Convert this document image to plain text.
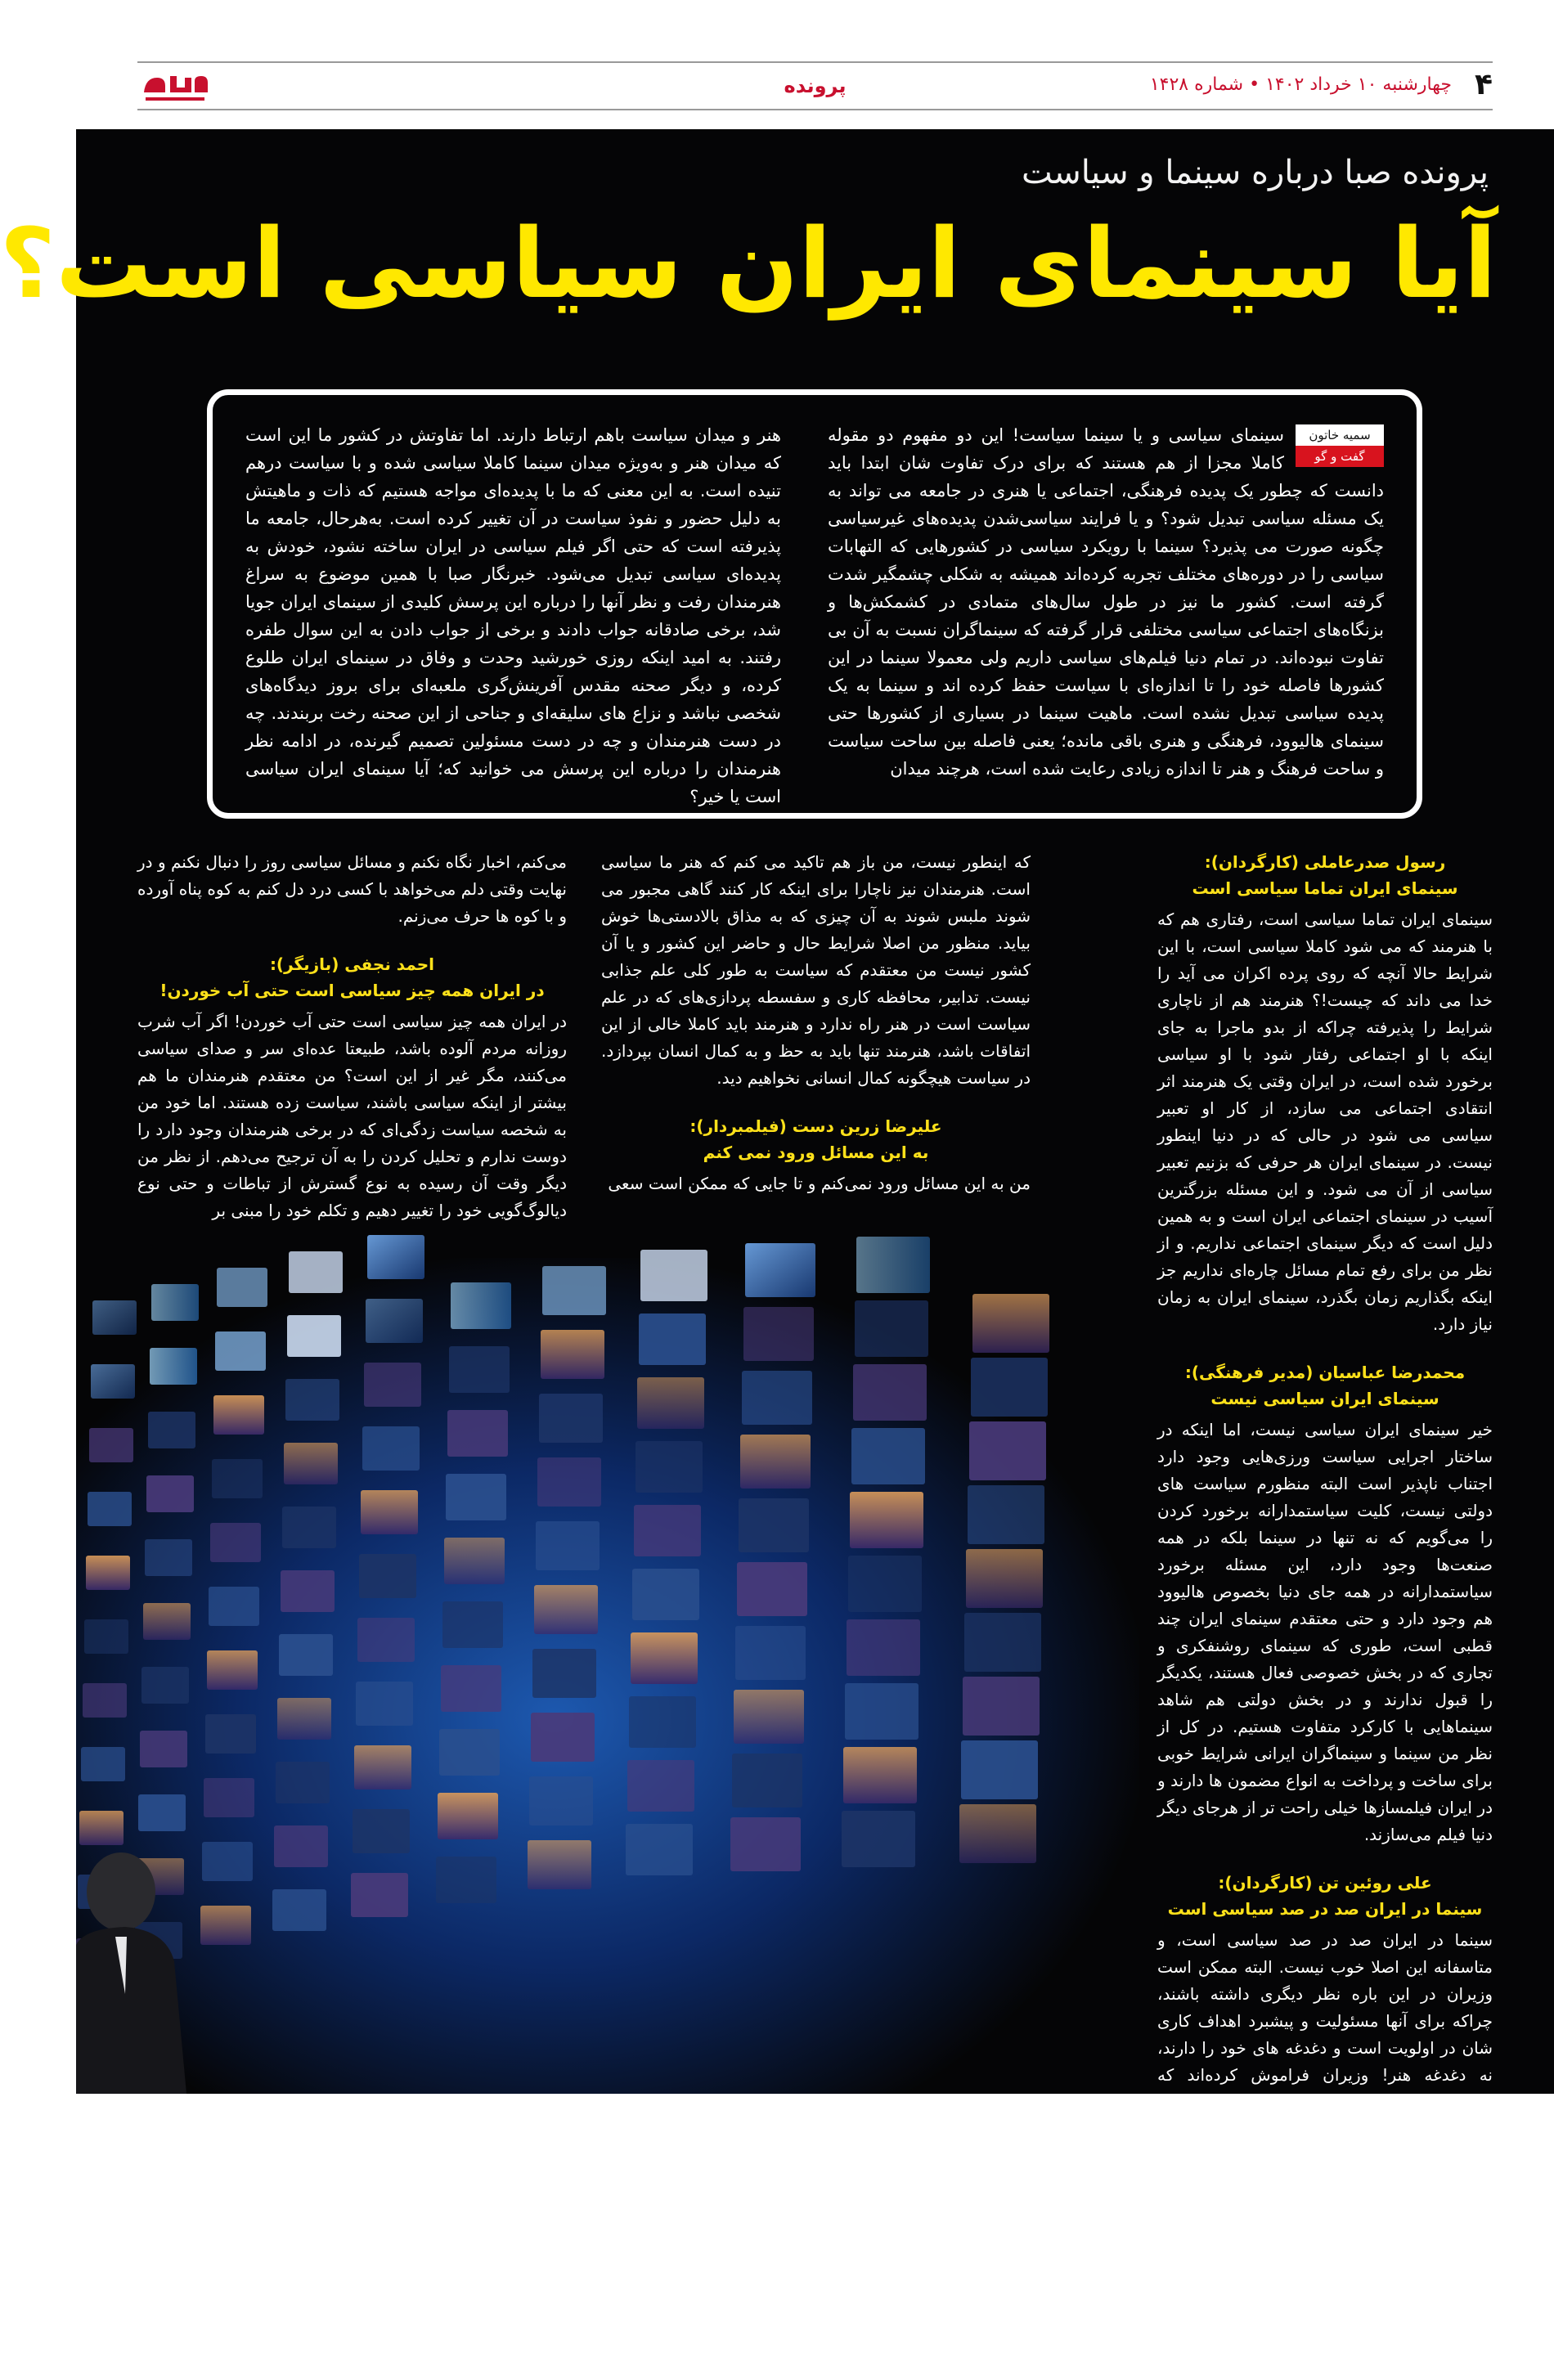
۴
چهارشنبه ۱۰ خرداد ۱۴۰۲ • شماره ۱۴۲۸
پرونده
پرونده صبا درباره سینما و سیاست
آیا سینمای ایران سیاسی است؟
سمیه خاتون
گفت و گو
سینمای سیاسی و یا سینما سیاست! این دو مفهوم دو مقوله کاملا مجزا از هم هستند که برای درک تفاوت شان ابتدا باید دانست که چطور یک پدیده فرهنگی، اجتماعی یا هنری در جامعه می تواند به یک مسئله سیاسی تبدیل شود؟ و یا فرایند سیاسی‌شدن پدیده‌های غیرسیاسی چگونه صورت می پذیرد؟ سینما با رویکرد سیاسی در کشورهایی که التهابات سیاسی را در دوره‌های مختلف تجربه کرده‌اند همیشه به شکلی چشمگیر شدت گرفته است. کشور ما نیز در طول سال‌های متمادی در کشمکش‌ها و بزنگاه‌های اجتماعی سیاسی مختلفی قرار گرفته که سینماگران نسبت به آن بی تفاوت نبوده‌اند. در تمام دنیا فیلم‌های سیاسی داریم ولی معمولا سینما در این کشورها فاصله خود را تا اندازه‌ای با سیاست حفظ کرده اند و سینما به یک پدیده سیاسی تبدیل نشده است. ماهیت سینما در بسیاری از کشورها حتی سینمای هالیوود، فرهنگی و هنری باقی مانده؛ یعنی فاصله بین ساحت سیاست و ساحت فرهنگ و هنر تا اندازه زیادی رعایت شده است، هرچند میدان
هنر و میدان سیاست باهم ارتباط دارند. اما تفاوتش در کشور ما این است که میدان هنر و به‌ویژه میدان سینما کاملا سیاسی شده و با سیاست درهم تنیده است. به این معنی که ما با پدیده‌ای مواجه هستیم که ذات و ماهیتش به دلیل حضور و نفوذ سیاست در آن تغییر کرده است. به‌هرحال، جامعه ما پذیرفته است که حتی اگر فیلم سیاسی در ایران ساخته نشود، خودش به پدیده‌ای سیاسی تبدیل می‌شود. خبرنگار صبا با همین موضوع به سراغ هنرمندان رفت و نظر آنها را درباره این پرسش کلیدی از سینمای ایران جویا شد، برخی صادقانه جواب دادند و برخی از جواب دادن به این سوال طفره رفتند. به امید اینکه روزی خورشید وحدت و وفاق در سینمای ایران طلوع کرده، و دیگر صحنه مقدس آفرینش‌گری ملعبه‌ای برای بروز دیدگاه‌های شخصی نباشد و نزاع های سلیقه‌ای و جناحی از این صحنه رخت بربندند. چه در دست هنرمندان و چه در دست مسئولین تصمیم گیرنده، در ادامه نظر هنرمندان را درباره این پرسش می خوانید که؛ آیا سینمای ایران سیاسی است یا خیر؟
رسول صدرعاملی (کارگردان):
سینمای ایران تماما سیاسی است

سینمای ایران تماما سیاسی است، رفتاری هم که با هنرمند که می شود کاملا سیاسی است، با این شرایط حالا آنچه که روی پرده اکران می آید را خدا می داند که چیست!؟ هنرمند هم از ناچاری شرایط را پذیرفته چراکه از بدو ماجرا به جای اینکه با او اجتماعی رفتار شود با او سیاسی برخورد شده است، در ایران وقتی یک هنرمند اثر انتقادی اجتماعی می سازد، از کار او تعبیر سیاسی می شود در حالی که در دنیا اینطور نیست. در سینمای ایران هر حرفی که بزنیم تعبیر سیاسی از آن می شود. و این مسئله بزرگترین آسیب در سینمای اجتماعی ایران است و به همین دلیل است که دیگر سینمای اجتماعی نداریم. و از نظر من برای رفع تمام مسائل چاره‌ای نداریم جز اینکه بگذاریم زمان بگذرد، سینمای ایران به زمان نیاز دارد.

محمدرضا عباسیان (مدیر فرهنگی):
سینمای ایران سیاسی نیست

خیر سینمای ایران سیاسی نیست، اما اینکه در ساختار اجرایی سیاست ورزی‌هایی وجود دارد اجتناب ناپذیر است البته منظورم سیاست های دولتی نیست، کلیت سیاستمدارانه برخورد کردن را می‌گویم که نه تنها در سینما بلکه در همه صنعت‌ها وجود دارد، این مسئله برخورد سیاستمدارانه در همه جای دنیا بخصوص هالیوود هم وجود دارد و حتی معتقدم سینمای ایران چند قطبی است، طوری که سینمای روشنفکری و تجاری که در بخش خصوصی فعال هستند، یکدیگر را قبول ندارند و در بخش دولتی هم شاهد سینماهایی با کارکرد متفاوت هستیم. در کل از نظر من سینما و سینماگران ایرانی شرایط خوبی برای ساخت و پرداخت به انواع مضمون ها دارند و در ایران فیلمسازها خیلی راحت تر از هرجای دیگر دنیا فیلم می‌سازند.

علی روئین تن (کارگردان):
سینما در ایران صد در صد سیاسی است

سینما در ایران صد در صد سیاسی است، و متاسفانه این اصلا خوب نیست. البته ممکن است وزیران در این باره نظر دیگری داشته باشند، چراکه برای آنها مسئولیت و پیشبرد اهداف کاری شان در اولویت است و دغدغه های خود را دارند، نه دغدغه هنر! وزیران فراموش کرده‌اند که نماینده‌ای از دولت هستند در جهت تسهیل کار هنرمندان و کمک به بالندگی هنر، و در زمان انتخاب و گزینش تنها حرف‌های خودشان را دیکته می‌کنند و به همین دلیل وضعیت هنر جبری می‌شود. یادم هست زمانی می گفتند سیاست ما دیانت ماست و اتفاقا حرف خوبی بود اما حالا من احساس می کنم که دیانت ما هم زیر سوال رفته است چرا که سیاست ما بسیار سیاست نازیبایی است. به همین خاطر من معتقدم که هنر سیاسی است و حالا هرکسی هم که ادعا کند

که اینطور نیست، من باز هم تاکید می کنم که هنر ما سیاسی است. هنرمندان نیز ناچارا برای اینکه کار کنند گاهی مجبور می شوند ملبس شوند به آن چیزی که به مذاق بالادستی‌ها خوش بیاید. منظور من اصلا شرایط حال و حاضر این کشور و یا آن کشور نیست من معتقدم که سیاست به طور کلی علم جذابی نیست. تدابیر، محافظه کاری و سفسطه پردازی‌های که در علم سیاست است در هنر راه ندارد و هنرمند باید کاملا خالی از این اتفاقات باشد، هنرمند تنها باید به حظ و به کمال انسان بپردازد. در سیاست هیچگونه کمال انسانی نخواهیم دید.

علیرضا زرین دست (فیلمبردار):
به این مسائل ورود نمی کنم

من به این مسائل ورود نمی‌کنم و تا جایی که ممکن است سعی

می‌کنم، اخبار نگاه نکنم و مسائل سیاسی روز را دنبال نکنم و در نهایت وقتی دلم می‌خواهد با کسی درد دل کنم به کوه پناه آورده و با کوه ها حرف می‌زنم.

احمد نجفی (بازیگر):
در ایران همه چیز سیاسی است حتی آب خوردن!

در ایران همه چیز سیاسی است حتی آب خوردن! اگر آب شرب روزانه مردم آلوده باشد، طبیعتا عده‌ای سر و صدای سیاسی می‌کنند، مگر غیر از این است؟ من معتقدم هنرمندان ما هم بیشتر از اینکه سیاسی باشند، سیاست زده هستند. اما خود من به شخصه سیاست زدگی‌ای که در برخی هنرمندان وجود دارد را دوست ندارم و تحلیل کردن را به آن ترجیح می‌دهم. از نظر من دیگر وقت آن رسیده به نوع گسترش از تباطات و حتی نوع دیالوگ‌گویی خود را تغییر دهیم و تکلم خود را مبنی بر
